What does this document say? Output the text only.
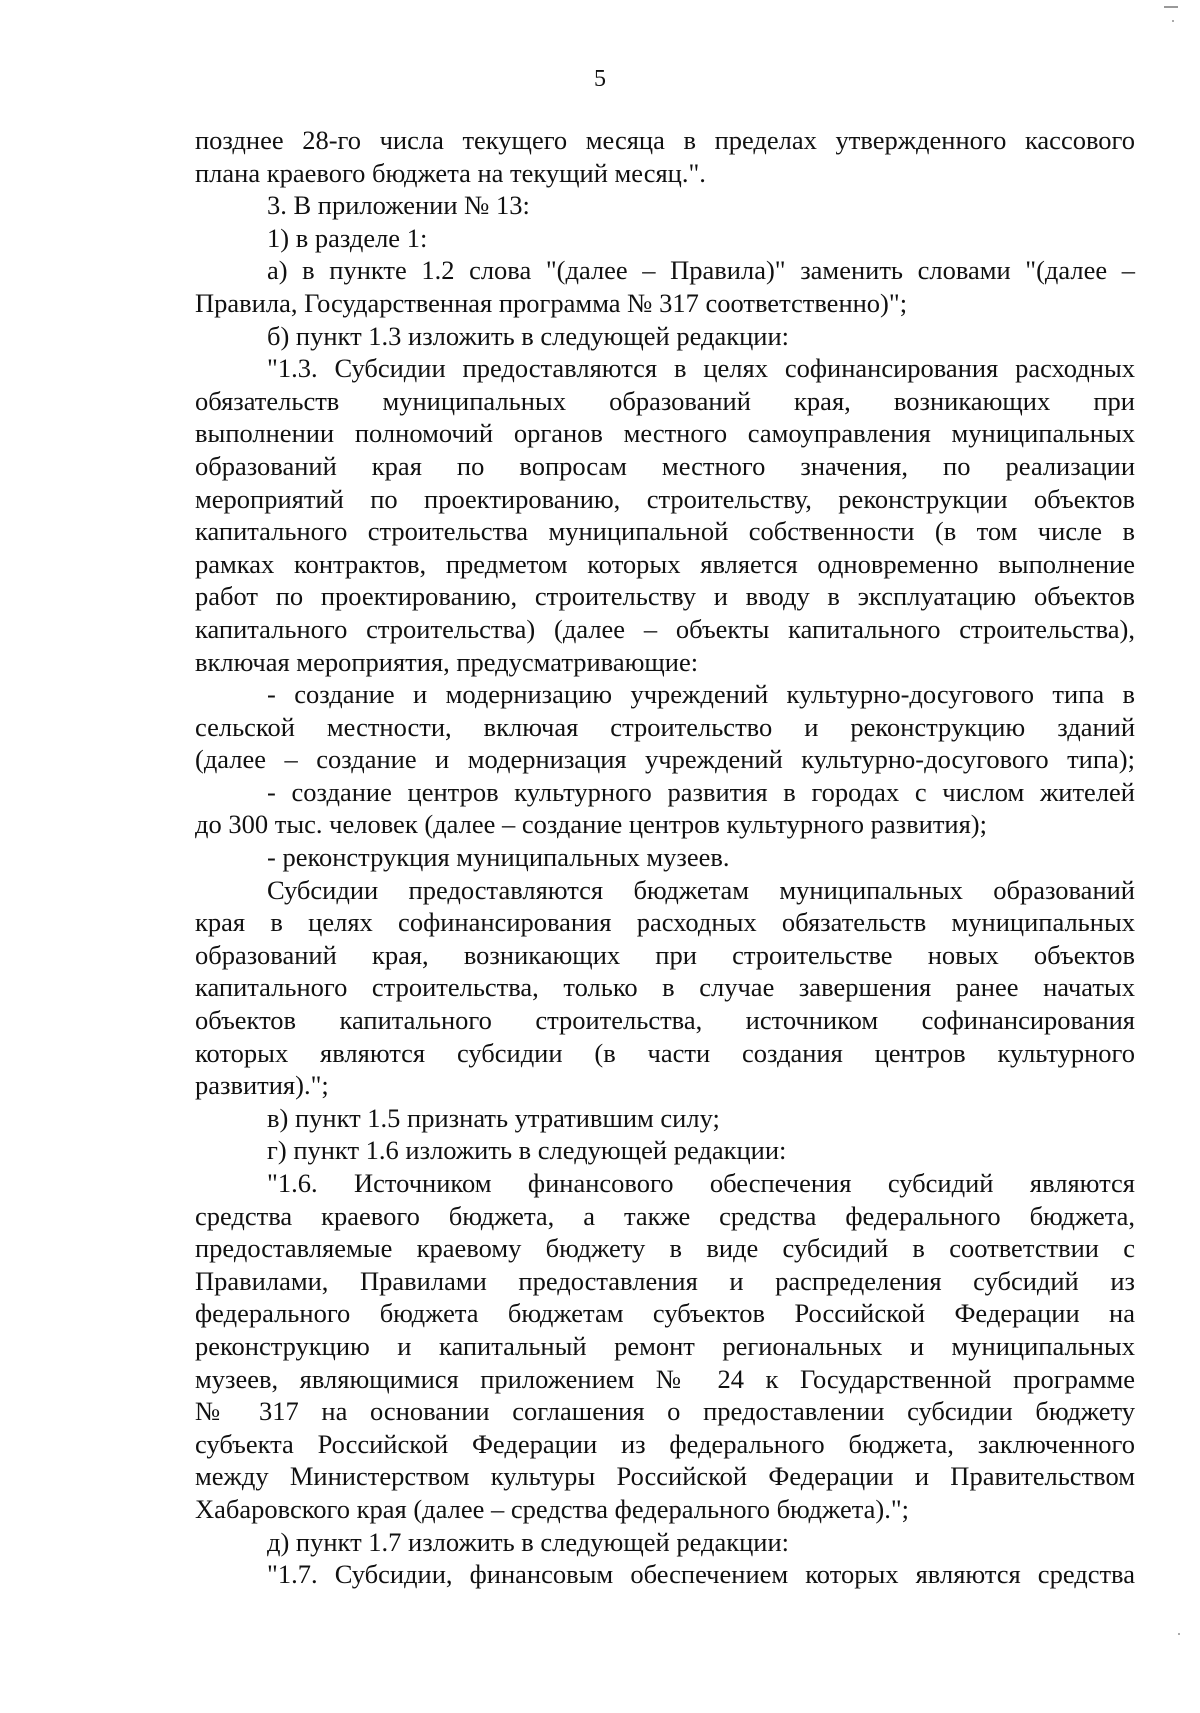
5
позднее 28-го числа текущего месяца в пределах утвержденного кассового
плана краевого бюджета на текущий месяц.".
3. В приложении № 13:
1) в разделе 1:
а) в пункте 1.2 слова "(далее – Правила)" заменить словами "(далее –
Правила, Государственная программа № 317 соответственно)";
б) пункт 1.3 изложить в следующей редакции:
"1.3. Субсидии предоставляются в целях софинансирования расходных
обязательств муниципальных образований края, возникающих при
выполнении полномочий органов местного самоуправления муниципальных
образований края по вопросам местного значения, по реализации
мероприятий по проектированию, строительству, реконструкции объектов
капитального строительства муниципальной собственности (в том числе в
рамках контрактов, предметом которых является одновременно выполнение
работ по проектированию, строительству и вводу в эксплуатацию объектов
капитального строительства) (далее – объекты капитального строительства),
включая мероприятия, предусматривающие:
- создание и модернизацию учреждений культурно-досугового типа в
сельской местности, включая строительство и реконструкцию зданий
(далее – создание и модернизация учреждений культурно-досугового типа);
- создание центров культурного развития в городах с числом жителей
до 300 тыс. человек (далее – создание центров культурного развития);
- реконструкция муниципальных музеев.
Субсидии предоставляются бюджетам муниципальных образований
края в целях софинансирования расходных обязательств муниципальных
образований края, возникающих при строительстве новых объектов
капитального строительства, только в случае завершения ранее начатых
объектов капитального строительства, источником софинансирования
которых являются субсидии (в части создания центров культурного
развития).";
в) пункт 1.5 признать утратившим силу;
г) пункт 1.6 изложить в следующей редакции:
"1.6. Источником финансового обеспечения субсидий являются
средства краевого бюджета, а также средства федерального бюджета,
предоставляемые краевому бюджету в виде субсидий в соответствии с
Правилами, Правилами предоставления и распределения субсидий из
федерального бюджета бюджетам субъектов Российской Федерации на
реконструкцию и капитальный ремонт региональных и муниципальных
музеев, являющимися приложением № 24 к Государственной программе
№ 317 на основании соглашения о предоставлении субсидии бюджету
субъекта Российской Федерации из федерального бюджета, заключенного
между Министерством культуры Российской Федерации и Правительством
Хабаровского края (далее – средства федерального бюджета).";
д) пункт 1.7 изложить в следующей редакции:
"1.7. Субсидии, финансовым обеспечением которых являются средства
